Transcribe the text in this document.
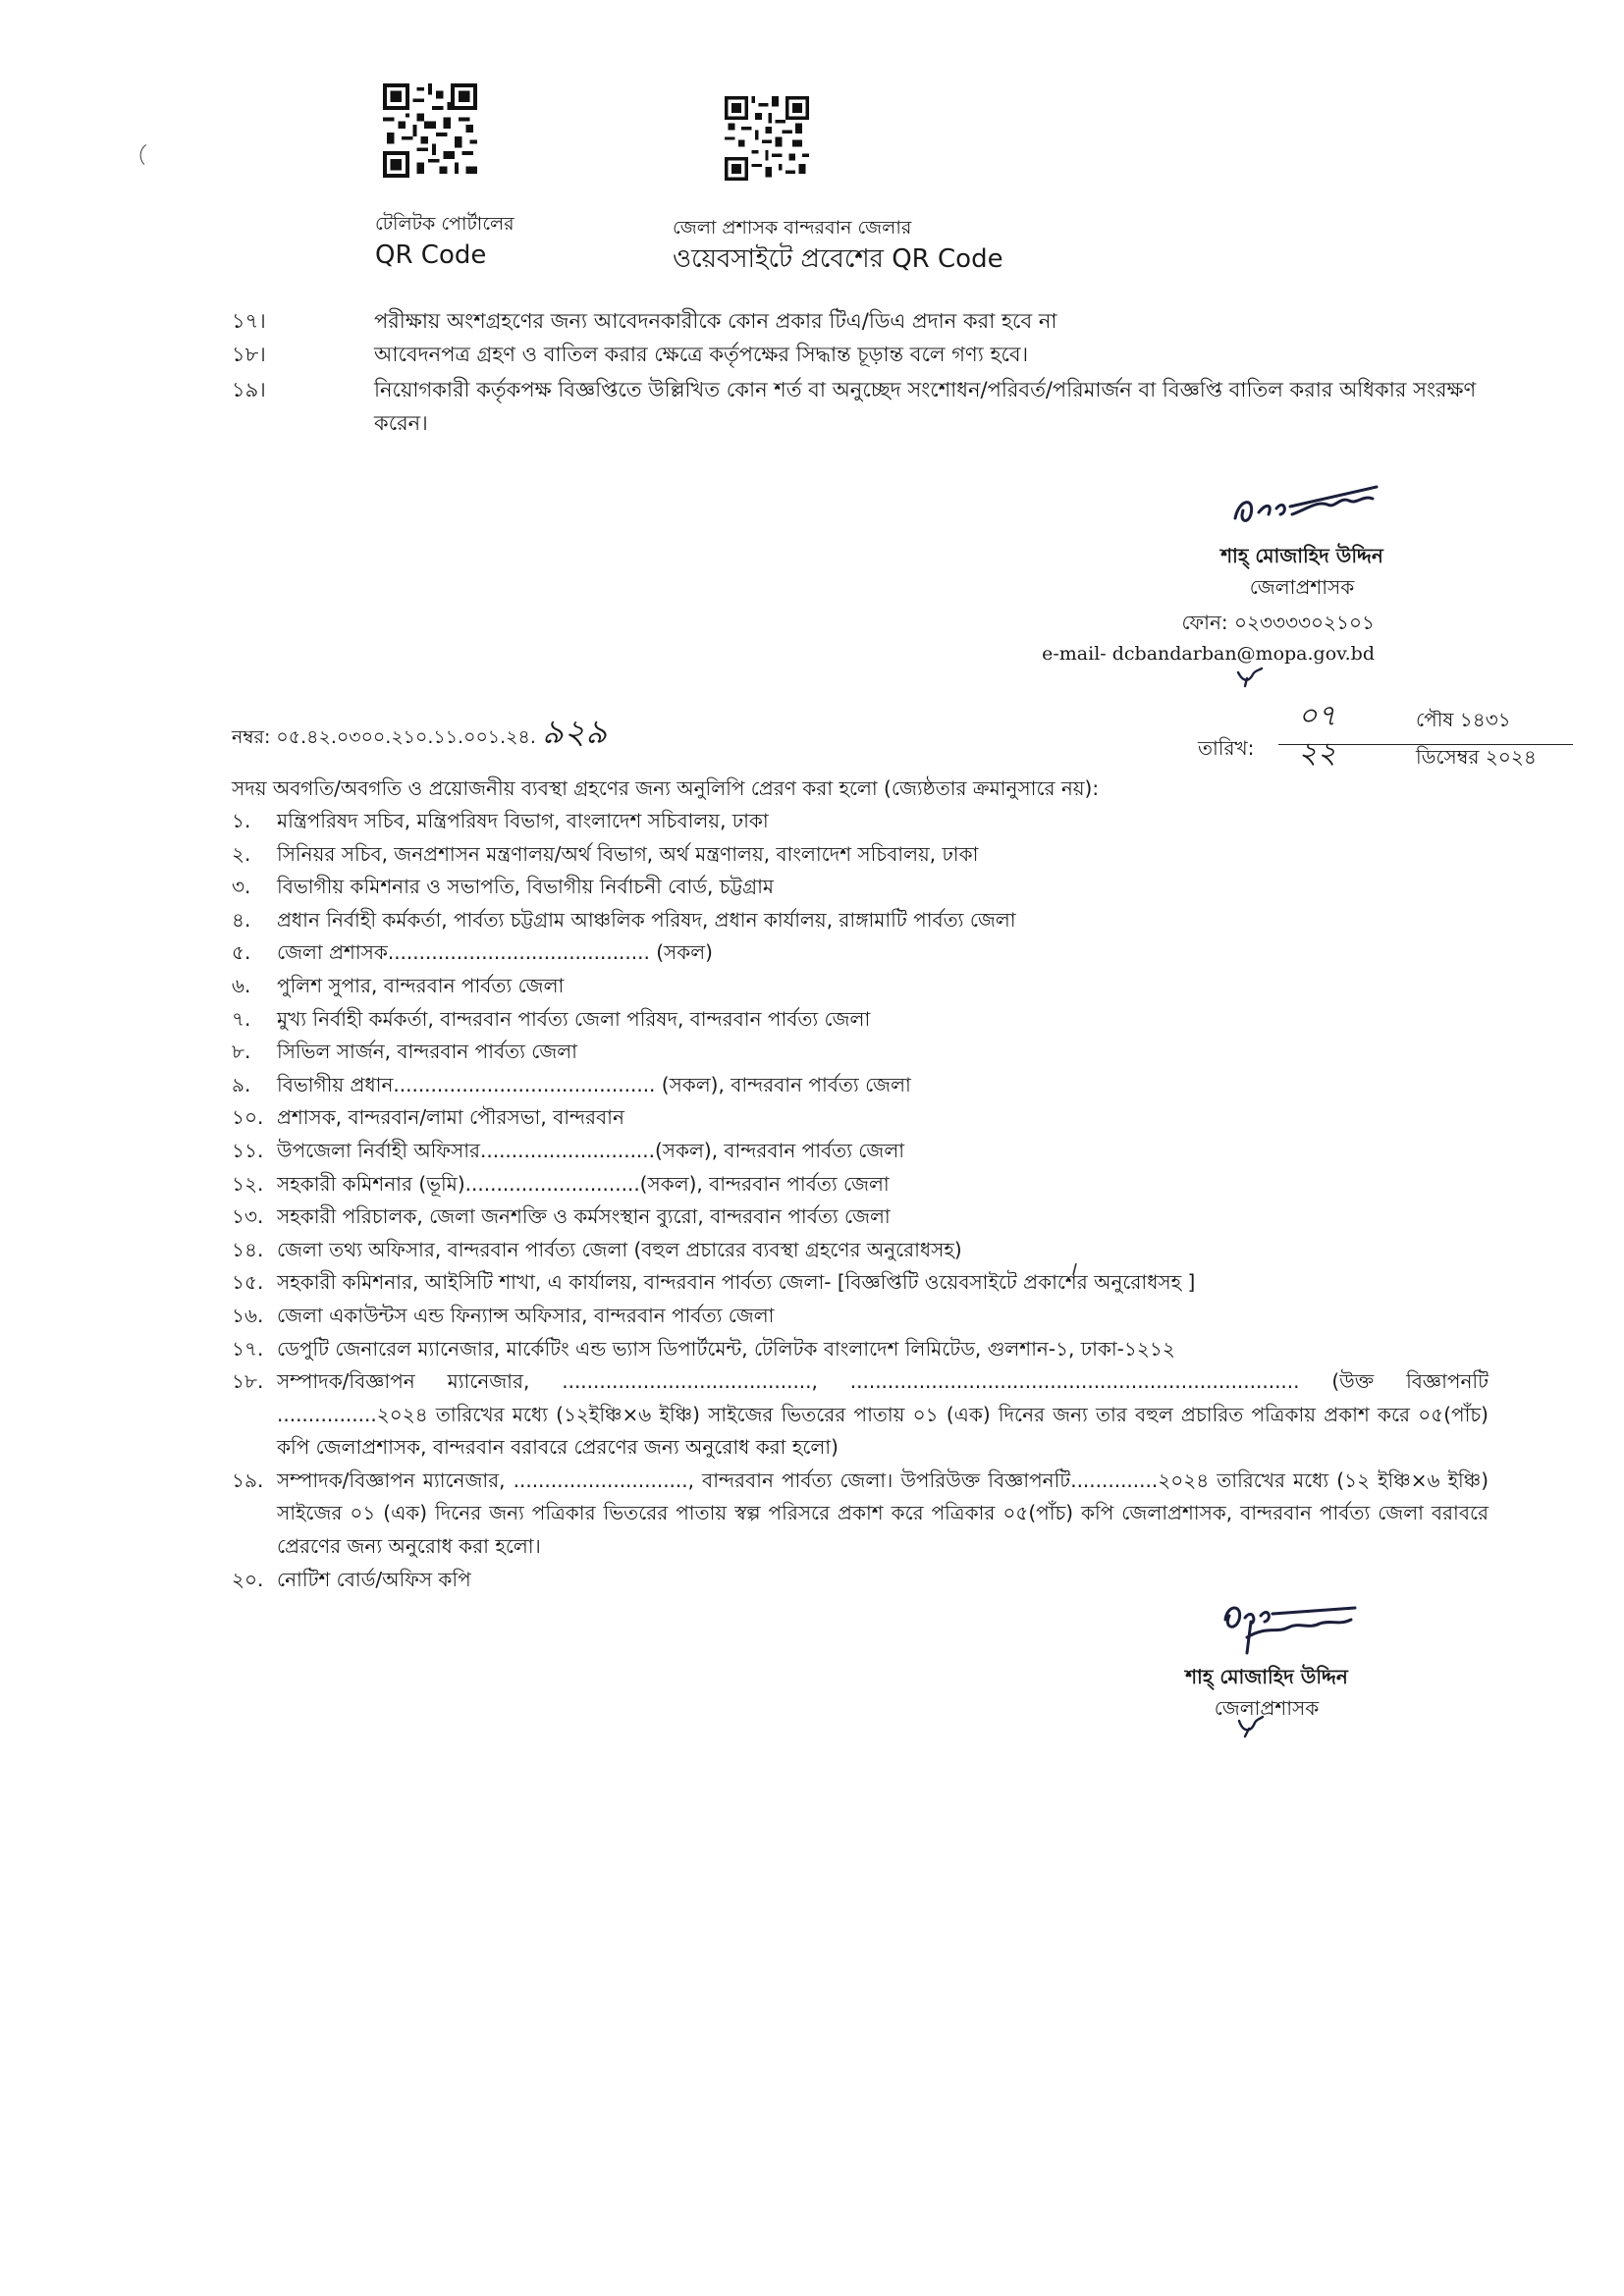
টেলিটক পোর্টালের
QR Code
জেলা প্রশাসক বান্দরবান জেলার
ওয়েবসাইটে প্রবেশের QR Code
১৭।	পরীক্ষায় অংশগ্রহণের জন্য আবেদনকারীকে কোন প্রকার টিএ/ডিএ প্রদান করা হবে না
১৮।	আবেদনপত্র গ্রহণ ও বাতিল করার ক্ষেত্রে কর্তৃপক্ষের সিদ্ধান্ত চূড়ান্ত বলে গণ্য হবে।
১৯।	নিয়োগকারী কর্তৃকপক্ষ বিজ্ঞপ্তিতে উল্লিখিত কোন শর্ত বা অনুচ্ছেদ সংশোধন/পরিবর্ত/পরিমার্জন বা বিজ্ঞপ্তি বাতিল করার অধিকার সংরক্ষণ করেন।
শাহ্ মোজাহিদ উদ্দিন
জেলাপ্রশাসক
ফোন: ০২৩৩৩৩০২১০১
e-mail- dcbandarban@mopa.gov.bd
নম্বর: ০৫.৪২.০৩০০.২১০.১১.০০১.২৪. ৯২৯	তারিখ:
০৭	পৌষ ১৪৩১
২২	ডিসেম্বর ২০২৪
সদয় অবগতি/অবগতি ও প্রয়োজনীয় ব্যবস্থা গ্রহণের জন্য অনুলিপি প্রেরণ করা হলো (জ্যেষ্ঠতার ক্রমানুসারে নয়):
১. মন্ত্রিপরিষদ সচিব, মন্ত্রিপরিষদ বিভাগ, বাংলাদেশ সচিবালয়, ঢাকা
২. সিনিয়র সচিব, জনপ্রশাসন মন্ত্রণালয়/অর্থ বিভাগ, অর্থ মন্ত্রণালয়, বাংলাদেশ সচিবালয়, ঢাকা
৩. বিভাগীয় কমিশনার ও সভাপতি, বিভাগীয় নির্বাচনী বোর্ড, চট্টগ্রাম
৪. প্রধান নির্বাহী কর্মকর্তা, পার্বত্য চট্টগ্রাম আঞ্চলিক পরিষদ, প্রধান কার্যালয়, রাঙ্গামাটি পার্বত্য জেলা
৫. জেলা প্রশাসক.......................................... (সকল)
৬. পুলিশ সুপার, বান্দরবান পার্বত্য জেলা
৭. মুখ্য নির্বাহী কর্মকর্তা, বান্দরবান পার্বত্য জেলা পরিষদ, বান্দরবান পার্বত্য জেলা
৮. সিভিল সার্জন, বান্দরবান পার্বত্য জেলা
৯. বিভাগীয় প্রধান.......................................... (সকল), বান্দরবান পার্বত্য জেলা
১০. প্রশাসক, বান্দরবান/লামা পৌরসভা, বান্দরবান
১১. উপজেলা নির্বাহী অফিসার............................(সকল), বান্দরবান পার্বত্য জেলা
১২. সহকারী কমিশনার (ভূমি)............................(সকল), বান্দরবান পার্বত্য জেলা
১৩. সহকারী পরিচালক, জেলা জনশক্তি ও কর্মসংস্থান ব্যুরো, বান্দরবান পার্বত্য জেলা
১৪. জেলা তথ্য অফিসার, বান্দরবান পার্বত্য জেলা (বহুল প্রচারের ব্যবস্থা গ্রহণের অনুরোধসহ)
১৫. সহকারী কমিশনার, আইসিটি শাখা, এ কার্যালয়, বান্দরবান পার্বত্য জেলা- [বিজ্ঞপ্তিটি ওয়েবসাইটে প্রকাশের অনুরোধসহ ]
১৬. জেলা একাউন্টস এন্ড ফিন্যান্স অফিসার, বান্দরবান পার্বত্য জেলা
১৭. ডেপুটি জেনারেল ম্যানেজার, মার্কেটিং এন্ড ভ্যাস ডিপার্টমেন্ট, টেলিটক বাংলাদেশ লিমিটেড, গুলশান-১, ঢাকা-১২১২
১৮. সম্পাদক/বিজ্ঞাপন ম্যানেজার, ........................................, ........................................................................ (উক্ত বিজ্ঞাপনটি ................২০২৪ তারিখের মধ্যে (১২ইঞ্চি×৬ ইঞ্চি) সাইজের ভিতরের পাতায় ০১ (এক) দিনের জন্য তার বহুল প্রচারিত পত্রিকায় প্রকাশ করে ০৫(পাঁচ) কপি জেলাপ্রশাসক, বান্দরবান বরাবরে প্রেরণের জন্য অনুরোধ করা হলো)
১৯. সম্পাদক/বিজ্ঞাপন ম্যানেজার, ............................, বান্দরবান পার্বত্য জেলা। উপরিউক্ত বিজ্ঞাপনটি..............২০২৪ তারিখের মধ্যে (১২ ইঞ্চি×৬ ইঞ্চি) সাইজের ০১ (এক) দিনের জন্য পত্রিকার ভিতরের পাতায় স্বল্প পরিসরে প্রকাশ করে পত্রিকার ০৫(পাঁচ) কপি জেলাপ্রশাসক, বান্দরবান পার্বত্য জেলা বরাবরে প্রেরণের জন্য অনুরোধ করা হলো।
২০. নোটিশ বোর্ড/অফিস কপি
শাহ্ মোজাহিদ উদ্দিন
জেলাপ্রশাসক
